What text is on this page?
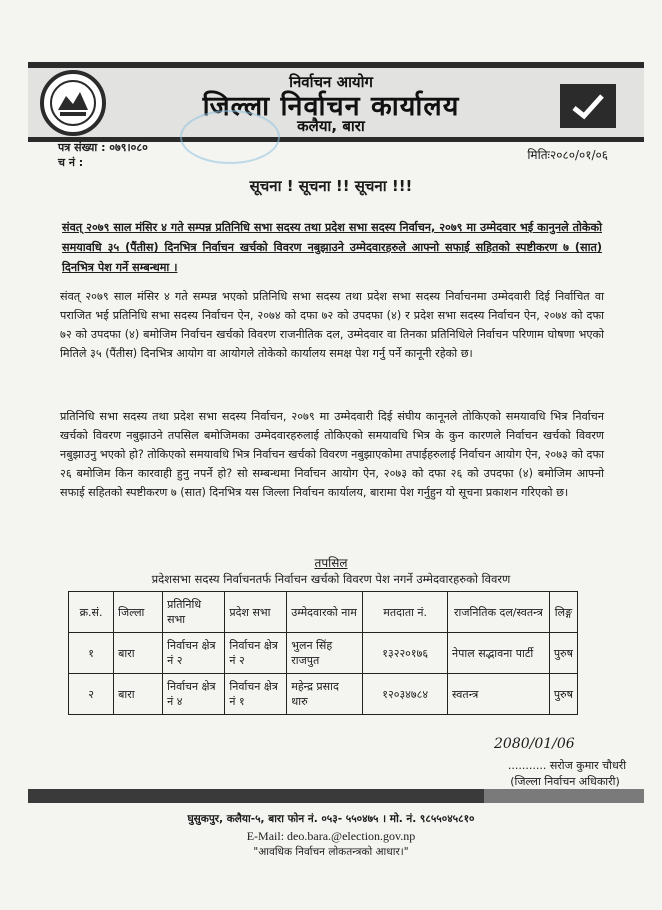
निर्वाचन आयोग
जिल्ला निर्वाचन कार्यालय
कलैया, बारा
पत्र संख्या : ०७९।०८०
च नं :
मितिः२०८०/०१/०६
सूचना ! सूचना !! सूचना !!!
संवत् २०७९ साल मंसिर ४ गते सम्पन्न प्रतिनिधि सभा सदस्य तथा प्रदेश सभा सदस्य निर्वाचन, २०७९ मा उम्मेदवार भई कानुनले तोकेको समयावधि ३५ (पैंतीस) दिनभित्र निर्वाचन खर्चको विवरण नबुझाउने उम्मेदवारहरुले आफ्नो सफाई सहितको स्पष्टीकरण ७ (सात) दिनभित्र पेश गर्ने सम्बन्धमा ।
संवत् २०७९ साल मंसिर ४ गते सम्पन्न भएको प्रतिनिधि सभा सदस्य तथा प्रदेश सभा सदस्य निर्वाचनमा उम्मेदवारी दिई निर्वाचित वा पराजित भई प्रतिनिधि सभा सदस्य निर्वाचन ऐन, २०७४ को दफा ७२ को उपदफा (४) र प्रदेश सभा सदस्य निर्वाचन ऐन, २०७४ को दफा ७२ को उपदफा (४) बमोजिम निर्वाचन खर्चको विवरण राजनीतिक दल, उम्मेदवार वा तिनका प्रतिनिधिले निर्वाचन परिणाम घोषणा भएको मितिले ३५ (पैंतीस) दिनभित्र आयोग वा आयोगले तोकेको कार्यालय समक्ष पेश गर्नु पर्ने कानूनी रहेको छ।
प्रतिनिधि सभा सदस्य तथा प्रदेश सभा सदस्य निर्वाचन, २०७९ मा उम्मेदवारी दिई संघीय कानूनले तोकिएको समयावधि भित्र निर्वाचन खर्चको विवरण नबुझाउने तपसिल बमोजिमका उम्मेदवारहरुलाई तोकिएको समयावधि भित्र के कुन कारणले निर्वाचन खर्चको विवरण नबुझाउनु भएको हो? तोकिएको समयावधि भित्र निर्वाचन खर्चको विवरण नबुझाएकोमा तपाईहरुलाई निर्वाचन आयोग ऐन, २०७३ को दफा २६ बमोजिम किन कारवाही हुनु नपर्ने हो? सो सम्बन्धमा निर्वाचन आयोग ऐन, २०७३ को दफा २६ को उपदफा (४) बमोजिम आफ्नो सफाई सहितको स्पष्टीकरण ७ (सात) दिनभित्र यस जिल्ला निर्वाचन कार्यालय, बारामा पेश गर्नुहुन यो सूचना प्रकाशन गरिएको छ।
तपसिल
प्रदेशसभा सदस्य निर्वाचनतर्फ निर्वाचन खर्चको विवरण पेश नगर्ने उम्मेदवारहरुको विवरण
क्र.सं.	जिल्ला	प्रतिनिधि सभा	प्रदेश सभा	उम्मेदवारको नाम	मतदाता नं.	राजनितिक दल/स्वतन्त्र	लिङ्ग
१	बारा	निर्वाचन क्षेत्र नं २	निर्वाचन क्षेत्र नं २	भुलन सिंह राजपुत	१३२२०१७६	नेपाल सद्भावना पार्टी	पुरुष
२	बारा	निर्वाचन क्षेत्र नं ४	निर्वाचन क्षेत्र नं १	महेन्द्र प्रसाद थारु	१२०३४७८४	स्वतन्त्र	पुरुष
2080/01/06
........... सरोज कुमार चौधरी
(जिल्ला निर्वाचन अधिकारी)
घुसुकपुर, कलैया-५, बारा फोन नं. ०५३- ५५०४७५ । मो. नं. ९८५५०४५८१०
E-Mail: deo.bara.@election.gov.np
"आवधिक निर्वाचन लोकतन्त्रको आधार।"
